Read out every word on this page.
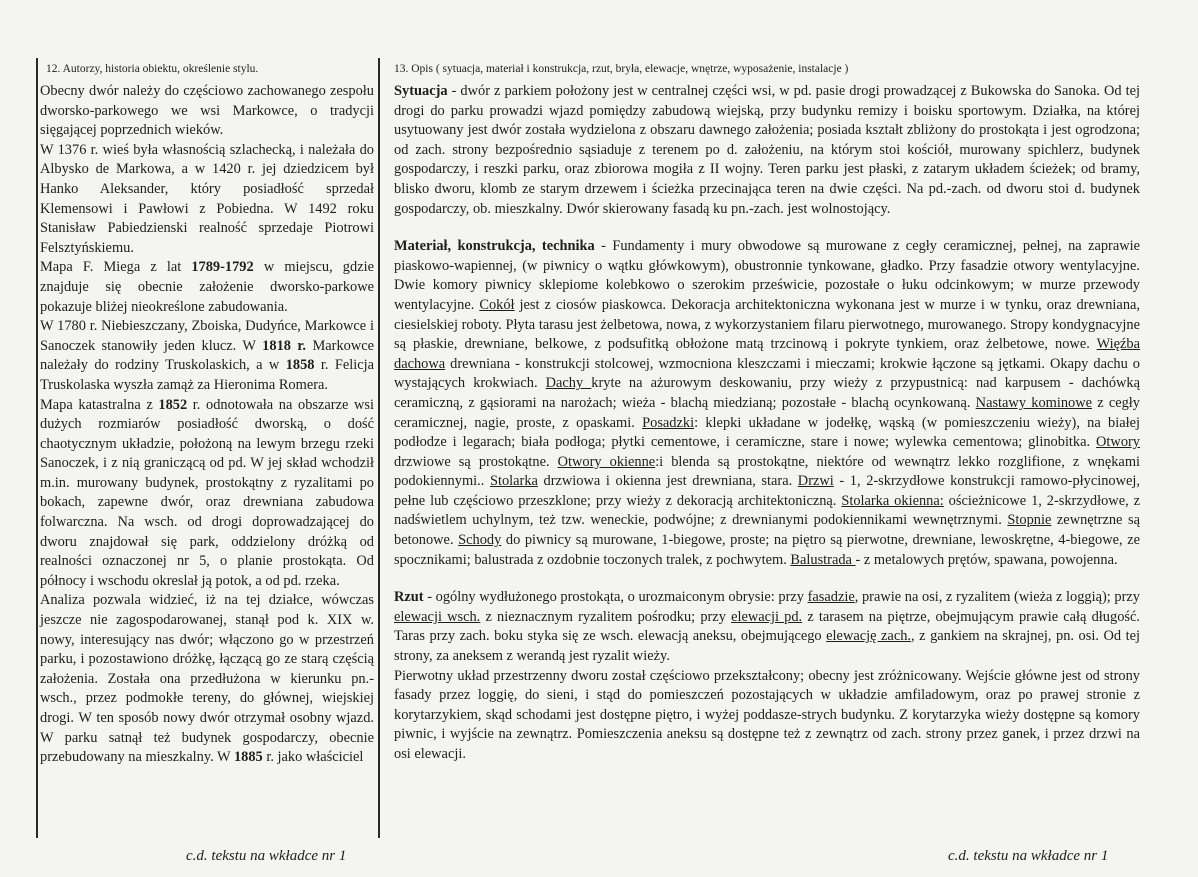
12. Autorzy, historia obiektu, określenie stylu.

Obecny dwór należy do częściowo zachowanego zespołu dworsko-parkowego we wsi Markowce, o tradycji sięgającej poprzednich wieków.

W 1376 r. wieś była własnością szlachecką, i należała do Albysko de Markowa, a w 1420 r. jej dziedzicem był Hanko Aleksander, który posiadłość sprzedał Klemensowi i Pawłowi z Pobiedna. W 1492 roku Stanisław Pabiedzienski realność sprzedaje Piotrowi Felsztyńskiemu.

Mapa F. Miega z lat 1789-1792 w miejscu, gdzie znajduje się obecnie założenie dworsko-parkowe pokazuje bliżej nieokreślone zabudowania.

W 1780 r. Niebieszczany, Zboiska, Dudyńce, Markowce i Sanoczek stanowiły jeden klucz. W 1818 r. Markowce należały do rodziny Truskolaskich, a w 1858 r. Felicja Truskolaska wyszła zamąż za Hieronima Romera.

Mapa katastralna z 1852 r. odnotowała na obszarze wsi dużych rozmiarów posiadłość dworską, o dość chaotycznym układzie, położoną na lewym brzegu rzeki Sanoczek, i z nią graniczącą od pd. W jej skład wchodził m.in. murowany budynek, prostokątny z ryzalitami po bokach, zapewne dwór, oraz drewniana zabudowa folwarczna. Na wsch. od drogi doprowadzającej do dworu znajdował się park, oddzielony dróżką od realności oznaczonej nr 5, o planie prostokąta. Od północy i wschodu okreslał ją potok, a od pd. rzeka.

Analiza pozwala widzieć, iż na tej działce, wówczas jeszcze nie zagospodarowanej, stanął pod k. XIX w. nowy, interesujący nas dwór; włączono go w przestrzeń parku, i pozostawiono dróżkę, łączącą go ze starą częścią założenia. Została ona przedłużona w kierunku pn.-wsch., przez podmokłe tereny, do głównej, wiejskiej drogi. W ten sposób nowy dwór otrzymał osobny wjazd. W parku satnął też budynek gospodarczy, obecnie przebudowany na mieszkalny. W 1885 r. jako właściciel

13. Opis ( sytuacja, materiał i konstrukcja, rzut, bryła, elewacje, wnętrze, wyposażenie, instalacje )

Sytuacja - dwór z parkiem położony jest w centralnej części wsi, w pd. pasie drogi prowadzącej z Bukowska do Sanoka. Od tej drogi do parku prowadzi wjazd pomiędzy zabudową wiejską, przy budynku remizy i boisku sportowym. Działka, na której usytuowany jest dwór została wydzielona z obszaru dawnego założenia; posiada kształt zbliżony do prostokąta i jest ogrodzona; od zach. strony bezpośrednio sąsiaduje z terenem po d. założeniu, na którym stoi kościół, murowany spichlerz, budynek gospodarczy, i reszki parku, oraz zbiorowa mogiła z II wojny. Teren parku jest płaski, z zatarym układem ścieżek; od bramy, blisko dworu, klomb ze starym drzewem i ścieżka przecinająca teren na dwie części. Na pd.-zach. od dworu stoi d. budynek gospodarczy, ob. mieszkalny. Dwór skierowany fasadą ku pn.-zach. jest wolnostojący.

Materiał, konstrukcja, technika - Fundamenty i mury obwodowe są murowane z cegły ceramicznej, pełnej, na zaprawie piaskowo-wapiennej, (w piwnicy o wątku główkowym), obustronnie tynkowane, gładko. Przy fasadzie otwory wentylacyjne. Dwie komory piwnicy sklepiome kolebkowo o szerokim prześwicie, pozostałe o łuku odcinkowym; w murze przewody wentylacyjne. Cokół jest z ciosów piaskowca. Dekoracja architektoniczna wykonana jest w murze i w tynku, oraz drewniana, ciesielskiej roboty. Płyta tarasu jest żelbetowa, nowa, z wykorzystaniem filaru pierwotnego, murowanego. Stropy kondygnacyjne są płaskie, drewniane, belkowe, z podsufitką obłożone matą trzcinową i pokryte tynkiem, oraz żelbetowe, nowe. Więźba dachowa drewniana - konstrukcji stolcowej, wzmocniona kleszczami i mieczami; krokwie łączone są jętkami. Okapy dachu o wystających krokwiach. Dachy kryte na ażurowym deskowaniu, przy wieży z przypustnicą: nad karpusem - dachówką ceramiczną, z gąsiorami na narożach; wieża - blachą miedzianą; pozostałe - blachą ocynkowaną. Nastawy kominowe z cegły ceramicznej, nagie, proste, z opaskami. Posadzki: klepki układane w jodełkę, wąską (w pomieszczeniu wieży), na białej podłodze i legarach; biała podłoga; płytki cementowe, i ceramiczne, stare i nowe; wylewka cementowa; glinobitka. Otwory drzwiowe są prostokątne. Otwory okienne:i blenda są prostokątne, niektóre od wewnątrz lekko rozglifione, z wnękami podokiennymi.. Stolarka drzwiowa i okienna jest drewniana, stara. Drzwi - 1, 2-skrzydłowe konstrukcji ramowo-płycinowej, pełne lub częściowo przeszklone; przy wieży z dekoracją architektoniczną. Stolarka okienna: ościeżnicowe 1, 2-skrzydłowe, z nadświetlem uchylnym, też tzw. weneckie, podwójne; z drewnianymi podokiennikami wewnętrznymi. Stopnie zewnętrzne są betonowe. Schody do piwnicy są murowane, 1-biegowe, proste; na piętro są pierwotne, drewniane, lewoskrętne, 4-biegowe, ze spocznikami; balustrada z ozdobnie toczonych tralek, z pochwytem. Balustrada - z metalowych prętów, spawana, powojenna.

Rzut - ogólny wydłużonego prostokąta, o urozmaiconym obrysie: przy fasadzie, prawie na osi, z ryzalitem (wieża z loggią); przy elewacji wsch. z nieznacznym ryzalitem pośrodku; przy elewacji pd. z tarasem na piętrze, obejmującym prawie całą długość. Taras przy zach. boku styka się ze wsch. elewacją aneksu, obejmującego elewację zach., z gankiem na skrajnej, pn. osi. Od tej strony, za aneksem z werandą jest ryzalit wieży.

Pierwotny układ przestrzenny dworu został częściowo przekształcony; obecny jest zróżnicowany. Wejście główne jest od strony fasady przez loggię, do sieni, i stąd do pomieszczeń pozostających w układzie amfiladowym, oraz po prawej stronie z korytarzykiem, skąd schodami jest dostępne piętro, i wyżej poddasze-strych budynku. Z korytarzyka wieży dostępne są komory piwnic, i wyjście na zewnątrz. Pomieszczenia aneksu są dostępne też z zewnątrz od zach. strony przez ganek, i przez drzwi na osi elewacji.

c.d. tekstu na wkładce nr 1	c.d. tekstu na wkładce nr 1
